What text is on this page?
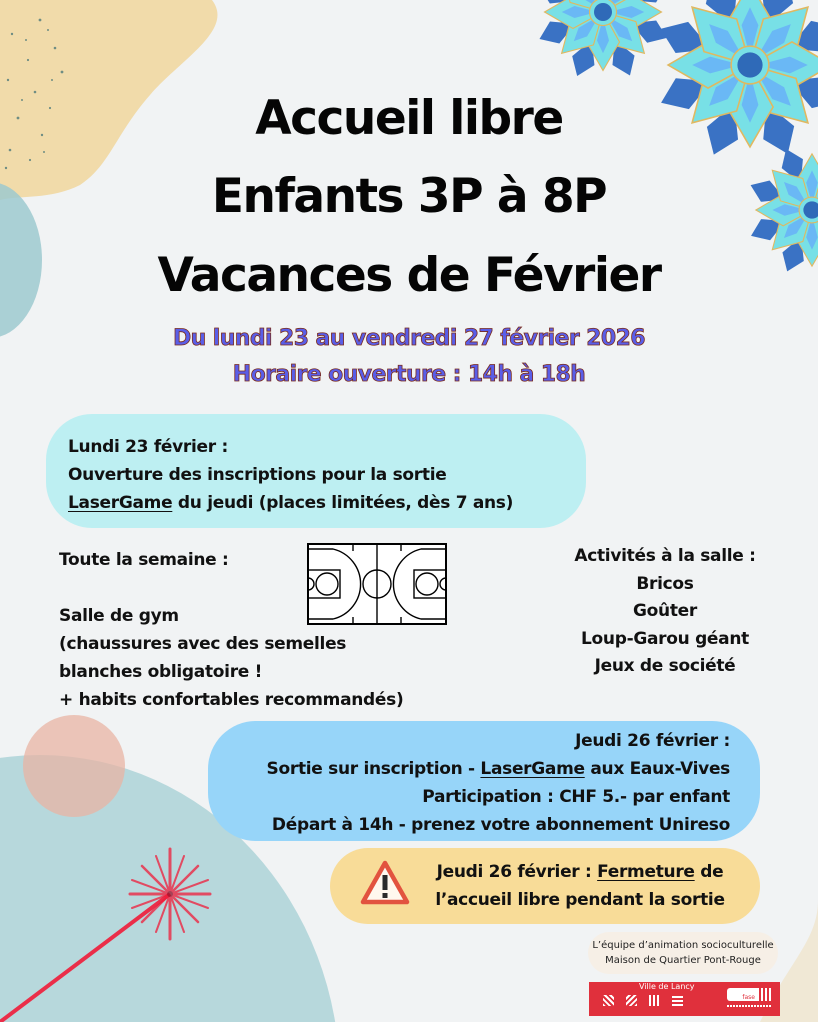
Accueil libre
Enfants 3P à 8P
Vacances de Février
Du lundi 23 au vendredi 27 février 2026
Horaire ouverture : 14h à 18h
Lundi 23 février :
Ouverture des inscriptions pour la sortie
LaserGame du jeudi (places limitées, dès 7 ans)
Toute la semaine :
Salle de gym
(chaussures avec des semelles
blanches obligatoire !
+ habits confortables recommandés)
Activités à la salle :
Bricos
Goûter
Loup-Garou géant
Jeux de société
Jeudi 26 février :
Sortie sur inscription - LaserGame aux Eaux-Vives
Participation : CHF 5.- par enfant
Départ à 14h - prenez votre abonnement Unireso
Jeudi 26 février : Fermeture de
l’accueil libre pendant la sortie
L’équipe d’animation socioculturelle
Maison de Quartier Pont-Rouge
Ville de Lancy
fase
